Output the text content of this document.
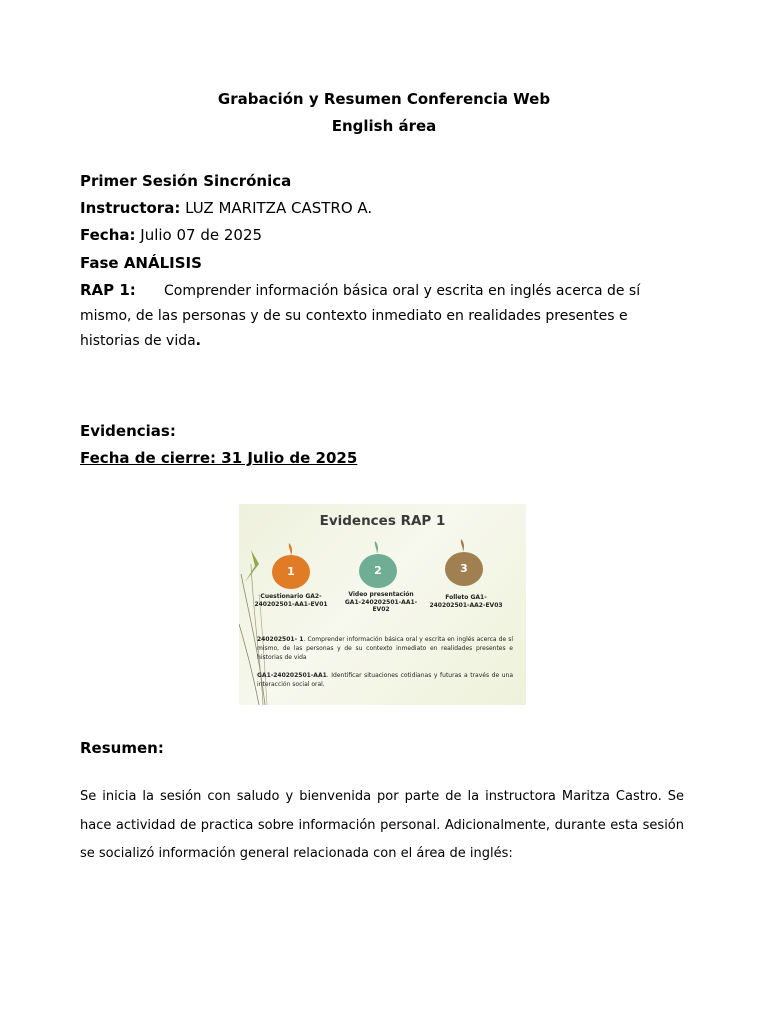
Grabación y Resumen Conferencia Web
English área
Primer Sesión Sincrónica
Instructora: LUZ MARITZA CASTRO A.
Fecha: Julio 07 de 2025
Fase ANÁLISIS
RAP 1: Comprender información básica oral y escrita en inglés acerca de sí mismo, de las personas y de su contexto inmediato en realidades presentes e historias de vida.
Evidencias:
Fecha de cierre: 31 Julio de 2025
Evidences RAP 1
1
Cuestionario GA2-240202501-AA1-EV01
2
Video presentación GA1-240202501-AA1-EV02
3
Folleto GA1-240202501-AA2-EV03
240202501- 1. Comprender información básica oral y escrita en inglés acerca de sí mismo, de las personas y de su contexto inmediato en realidades presentes e historias de vida
GA1-240202501-AA1. Identificar situaciones cotidianas y futuras a través de una interacción social oral.
Resumen:
Se inicia la sesión con saludo y bienvenida por parte de la instructora Maritza Castro. Se hace actividad de practica sobre información personal. Adicionalmente, durante esta sesión se socializó información general relacionada con el área de inglés:
